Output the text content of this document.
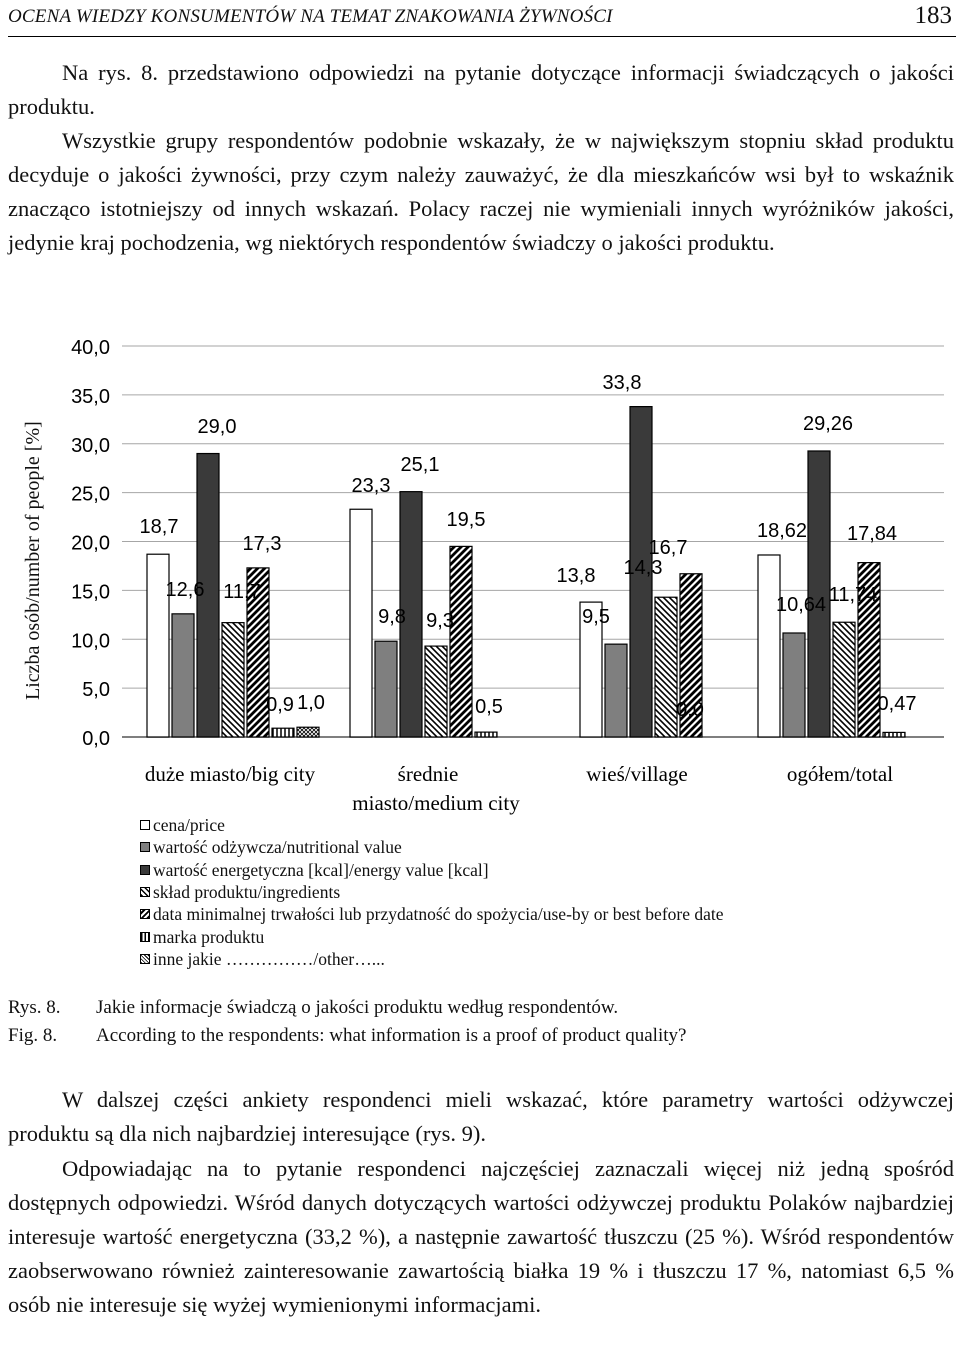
OCENA WIEDZY KONSUMENTÓW NA TEMAT ZNAKOWANIA ŻYWNOŚCI	183
Na rys. 8. przedstawiono odpowiedzi na pytanie dotyczące informacji świadczących o jakości produktu.
Wszystkie grupy respondentów podobnie wskazały, że w największym stopniu skład produktu decyduje o jakości żywności, przy czym należy zauważyć, że dla mieszkańców wsi był to wskaźnik znacząco istotniejszy od innych wskazań. Polacy raczej nie wymieniali innych wyróżników jakości, jedynie kraj pochodzenia, wg niektórych respondentów świadczy o jakości produktu.
Liczba osób/number of people [%]
0,0
5,0
10,0
15,0
20,0
25,0
30,0
35,0
40,0
18,7
23,3
13,8
18,62
12,6
9,8	9,5
10,64
29,0
25,1
33,8
29,26
11,7
9,3
14,3
11,74
17,3
19,5
16,7
17,84
0,9	0,5	0,0	0,47
1,0
duże miasto/big city	średnie miasto/medium city
wieś/village	ogółem/total
cena/price
wartość odżywcza/nutritional value
wartość energetyczna [kcal]/energy value [kcal]
skład produktu/ingredients
data minimalnej trwałości lub przydatność do spożycia/use-by or best before date
marka produktu
inne jakie ……………/other…...
Rys. 8. Jakie informacje świadczą o jakości produktu według respondentów.
Fig. 8. According to the respondents: what information is a proof of product quality?
W dalszej części ankiety respondenci mieli wskazać, które parametry wartości odżywczej produktu są dla nich najbardziej interesujące (rys. 9).
Odpowiadając na to pytanie respondenci najczęściej zaznaczali więcej niż jedną spośród dostępnych odpowiedzi. Wśród danych dotyczących wartości odżywczej produktu Polaków najbardziej interesuje wartość energetyczna (33,2 %), a następnie zawartość tłuszczu (25 %). Wśród respondentów zaobserwowano również zainteresowanie zawartością białka 19 % i tłuszczu 17 %, natomiast 6,5 % osób nie interesuje się wyżej wymienionymi informacjami.
